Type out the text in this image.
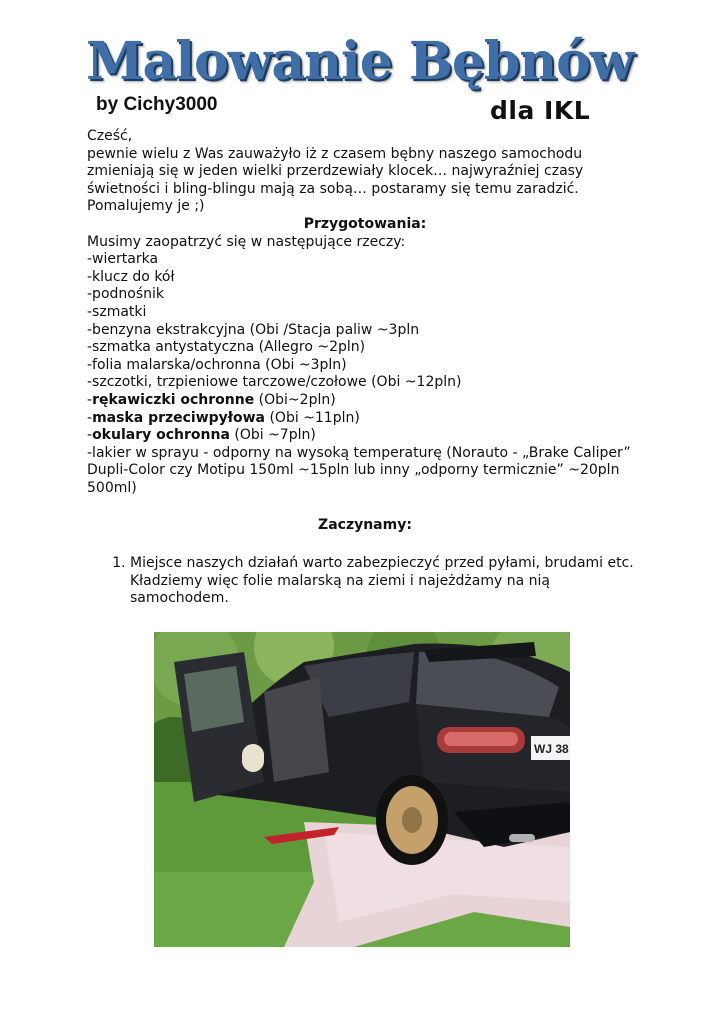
Malowanie Bębnów
by Cichy3000	dla IKL

Cześć,

pewnie wielu z Was zauważyło iż z czasem bębny naszego samochodu zmieniają się w jeden wielki przerdzewiały klocek… najwyraźniej czasy świetności i bling-blingu mają za sobą… postaramy się temu zaradzić. Pomalujemy je ;)

Przygotowania:

Musimy zaopatrzyć się w następujące rzeczy:

-wiertarka
-klucz do kół
-podnośnik
-szmatki
-benzyna ekstrakcyjna (Obi /Stacja paliw ~3pln
-szmatka antystatyczna (Allegro ~2pln)
-folia malarska/ochronna (Obi ~3pln)
-szczotki, trzpieniowe tarczowe/czołowe (Obi ~12pln)
-rękawiczki ochronne (Obi~2pln)
-maska przeciwpyłowa (Obi ~11pln)
-okulary ochronna (Obi ~7pln)
-lakier w sprayu - odporny na wysoką temperaturę (Norauto - „Brake Caliper” Dupli-Color czy Motipu 150ml ~15pln lub inny „odporny termicznie” ~20pln 500ml)

Zaczynamy:

1. Miejsce naszych działań warto zabezpieczyć przed pyłami, brudami etc. Kładziemy więc folie malarską na ziemi i najeżdżamy na nią samochodem.
WJ 38
